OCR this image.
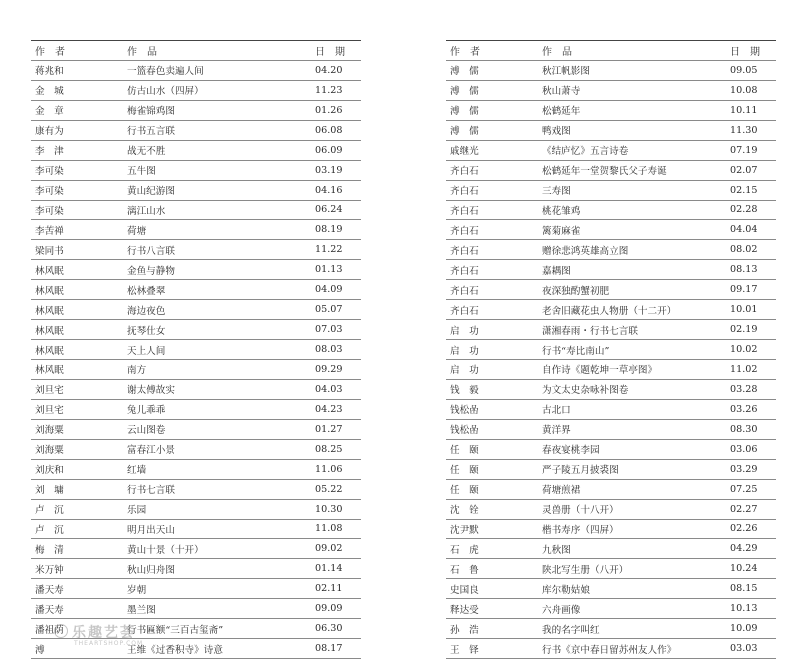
作　者	作　品	日　期
蒋兆和	一篮春色卖遍人间	04.20
金　城	仿古山水（四屏）	11.23
金　章	梅雀锦鸡图	01.26
康有为	行书五言联	06.08
李　津	战无不胜	06.09
李可染	五牛图	03.19
李可染	黄山纪游图	04.16
李可染	漓江山水	06.24
李苦禅	荷塘	08.19
梁同书	行书八言联	11.22
林风眠	金鱼与静物	01.13
林风眠	松林叠翠	04.09
林风眠	海边夜色	05.07
林风眠	抚琴仕女	07.03
林风眠	天上人间	08.03
林风眠	南方	09.29
刘旦宅	谢太傅故实	04.03
刘旦宅	兔儿乖乖	04.23
刘海粟	云山图卷	01.27
刘海粟	富春江小景	08.25
刘庆和	红墙	11.06
刘　墉	行书七言联	05.22
卢　沉	乐园	10.30
卢　沉	明月出天山	11.08
梅　清	黄山十景（十开）	09.02
米万钟	秋山归舟图	01.14
潘天寿	岁朝	02.11
潘天寿	墨兰图	09.09
潘祖荫	行书匾额“三百古玺斋”	06.30
溥　	王维《过香积寺》诗意	08.17
作　者	作　品	日　期
溥　儒	秋江帆影图	09.05
溥　儒	秋山萧寺	10.08
溥　儒	松鹤延年	10.11
溥　儒	鸭戏图	11.30
戚继光	《结庐忆》五言诗卷	07.19
齐白石	松鹤延年一堂贺黎氏父子寿诞	02.07
齐白石	三寿图	02.15
齐白石	桃花雏鸡	02.28
齐白石	篱菊麻雀	04.04
齐白石	赠徐悲鸿英雄高立图	08.02
齐白石	嘉耦图	08.13
齐白石	夜深独酌蟹初肥	09.17
齐白石	老舍旧藏花虫人物册（十二开）	10.01
启　功	潇湘春雨・行书七言联	02.19
启　功	行书“寿比南山”	10.02
启　功	自作诗《题乾坤一草亭图》	11.02
钱　毅	为文太史杂咏补图卷	03.28
钱松嵒	古北口	03.26
钱松嵒	黄洋界	08.30
任　颐	春夜宴桃李园	03.06
任　颐	严子陵五月披裘图	03.29
任　颐	荷塘煎裙	07.25
沈　铨	灵兽册（十八开）	02.27
沈尹默	楷书寿序（四屏）	02.26
石　虎	九秋图	04.29
石　鲁	陕北写生册（八开）	10.24
史国良	库尔勒姑娘	08.15
释达受	六舟画像	10.13
孙　浩	我的名字叫红	10.09
王　铎	行书《京中春日留苏州友人作》	03.03
乐趣艺荟
THEARTSHOP.COM
